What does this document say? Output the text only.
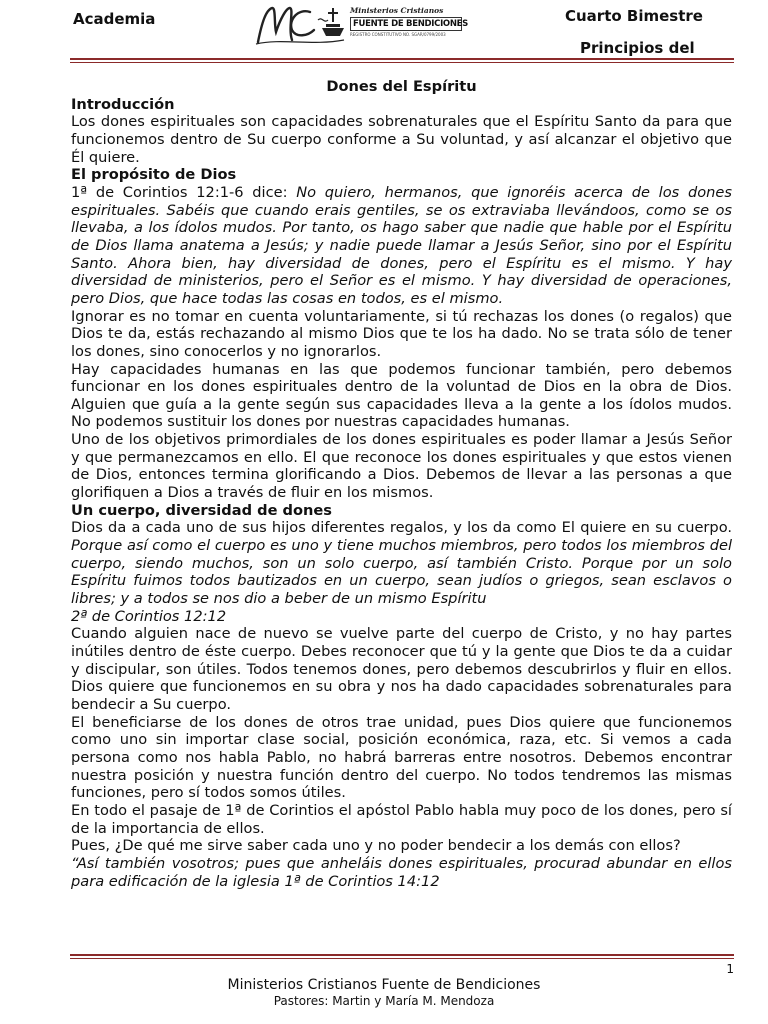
Academia	Ministerios Cristianos
FUENTE DE BENDICIONES
REGISTRO CONSTITUTIVO NO. SGAR/0799/2003
Cuarto Bimestre
Principios del

Dones del Espíritu

Introducción

Los dones espirituales son capacidades sobrenaturales que el Espíritu Santo da para que funcionemos dentro de Su cuerpo conforme a Su voluntad, y así alcanzar el objetivo que Él quiere.

El propósito de Dios

1ª de Corintios 12:1-6 dice: No quiero, hermanos, que ignoréis acerca de los dones espirituales. Sabéis que cuando erais gentiles, se os extraviaba llevándoos, como se os llevaba, a los ídolos mudos. Por tanto, os hago saber que nadie que hable por el Espíritu de Dios llama anatema a Jesús; y nadie puede llamar a Jesús Señor, sino por el Espíritu Santo. Ahora bien, hay diversidad de dones, pero el Espíritu es el mismo. Y hay diversidad de ministerios, pero el Señor es el mismo. Y hay diversidad de operaciones, pero Dios, que hace todas las cosas en todos, es el mismo.

Ignorar es no tomar en cuenta voluntariamente, si tú rechazas los dones (o regalos) que Dios te da, estás rechazando al mismo Dios que te los ha dado. No se trata sólo de tener los dones, sino conocerlos y no ignorarlos.

Hay capacidades humanas en las que podemos funcionar también, pero debemos funcionar en los dones espirituales dentro de la voluntad de Dios en la obra de Dios. Alguien que guía a la gente según sus capacidades lleva a la gente a los ídolos mudos. No podemos sustituir los dones por nuestras capacidades humanas.

Uno de los objetivos primordiales de los dones espirituales es poder llamar a Jesús Señor y que permanezcamos en ello. El que reconoce los dones espirituales y que estos vienen de Dios, entonces termina glorificando a Dios. Debemos de llevar a las personas a que glorifiquen a Dios a través de fluir en los mismos.

Un cuerpo, diversidad de dones

Dios da a cada uno de sus hijos diferentes regalos, y los da como El quiere en su cuerpo. Porque así como el cuerpo es uno y tiene muchos miembros, pero todos los miembros del cuerpo, siendo muchos, son un solo cuerpo, así también Cristo. Porque por un solo Espíritu fuimos todos bautizados en un cuerpo, sean judíos o griegos, sean esclavos o libres; y a todos se nos dio a beber de un mismo Espíritu
2ª de Corintios 12:12

Cuando alguien nace de nuevo se vuelve parte del cuerpo de Cristo, y no hay partes inútiles dentro de éste cuerpo. Debes reconocer que tú y la gente que Dios te da a cuidar y discipular, son útiles. Todos tenemos dones, pero debemos descubrirlos y fluir en ellos. Dios quiere que funcionemos en su obra y nos ha dado capacidades sobrenaturales para bendecir a Su cuerpo.

El beneficiarse de los dones de otros trae unidad, pues Dios quiere que funcionemos como uno sin importar clase social, posición económica, raza, etc. Si vemos a cada persona como nos habla Pablo, no habrá barreras entre nosotros. Debemos encontrar nuestra posición y nuestra función dentro del cuerpo. No todos tendremos las mismas funciones, pero sí todos somos útiles.

En todo el pasaje de 1ª de Corintios el apóstol Pablo habla muy poco de los dones, pero sí de la importancia de ellos.

Pues, ¿De qué me sirve saber cada uno y no poder bendecir a los demás con ellos?

“Así también vosotros; pues que anheláis dones espirituales, procurad abundar en ellos para edificación de la iglesia 1ª de Corintios 14:12

1
Ministerios Cristianos Fuente de Bendiciones
Pastores: Martin y María M. Mendoza
